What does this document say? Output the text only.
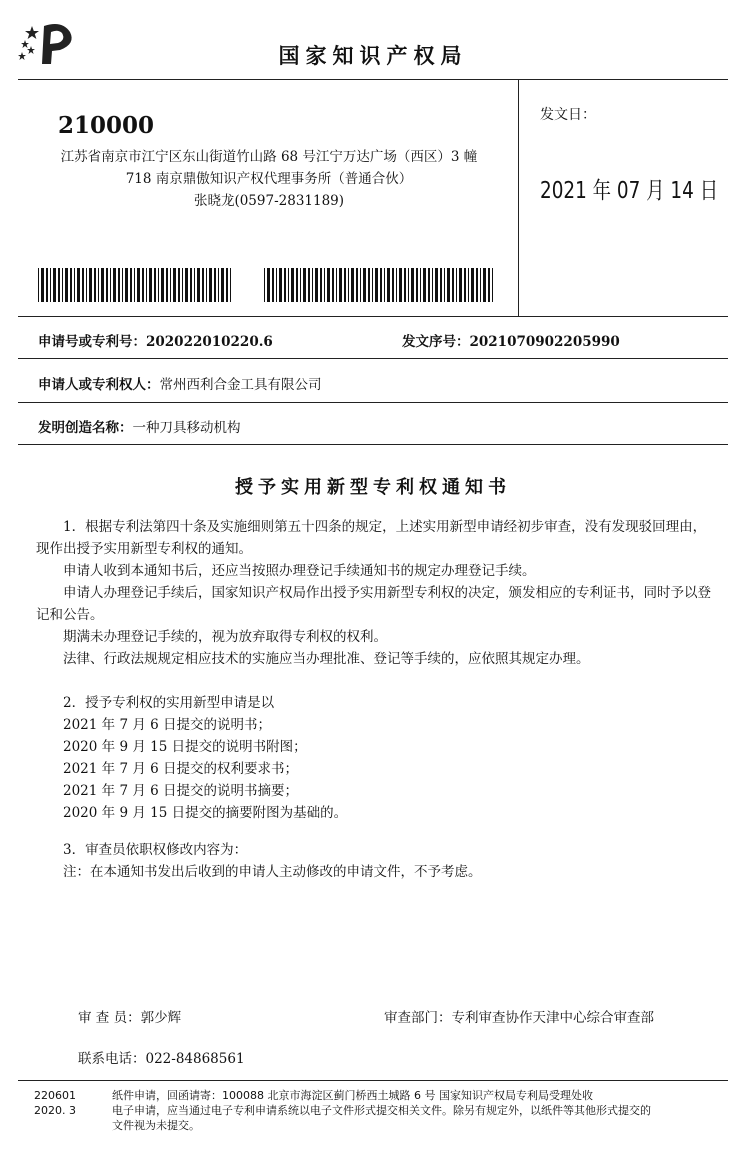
国家知识产权局
210000
江苏省南京市江宁区东山街道竹山路 68 号江宁万达广场（西区）3 幢
718 南京鼎傲知识产权代理事务所（普通合伙）
张晓龙(0597-2831189)
发文日：
2021 年 07 月 14 日
申请号或专利号：202022010220.6	发文序号：2021070902205990
申请人或专利权人：常州西利合金工具有限公司
发明创造名称：一种刀具移动机构
授予实用新型专利权通知书

1．根据专利法第四十条及实施细则第五十四条的规定，上述实用新型申请经初步审查，没有发现驳回理由，现作出授予实用新型专利权的通知。

申请人收到本通知书后，还应当按照办理登记手续通知书的规定办理登记手续。

申请人办理登记手续后，国家知识产权局作出授予实用新型专利权的决定，颁发相应的专利证书，同时予以登记和公告。

期满未办理登记手续的，视为放弃取得专利权的权利。

法律、行政法规规定相应技术的实施应当办理批准、登记等手续的，应依照其规定办理。

2．授予专利权的实用新型申请是以

2021 年 7 月 6 日提交的说明书；

2020 年 9 月 15 日提交的说明书附图；

2021 年 7 月 6 日提交的权利要求书；

2021 年 7 月 6 日提交的说明书摘要；

2020 年 9 月 15 日提交的摘要附图为基础的。

3．审查员依职权修改内容为：

注：在本通知书发出后收到的申请人主动修改的申请文件，不予考虑。

审 查 员：郭少辉	审查部门：专利审查协作天津中心综合审查部
联系电话：022-84868561
220601
2020. 3
纸件申请，回函请寄：100088 北京市海淀区蓟门桥西土城路 6 号 国家知识产权局专利局受理处收
电子申请，应当通过电子专利申请系统以电子文件形式提交相关文件。除另有规定外，以纸件等其他形式提交的
文件视为未提交。
